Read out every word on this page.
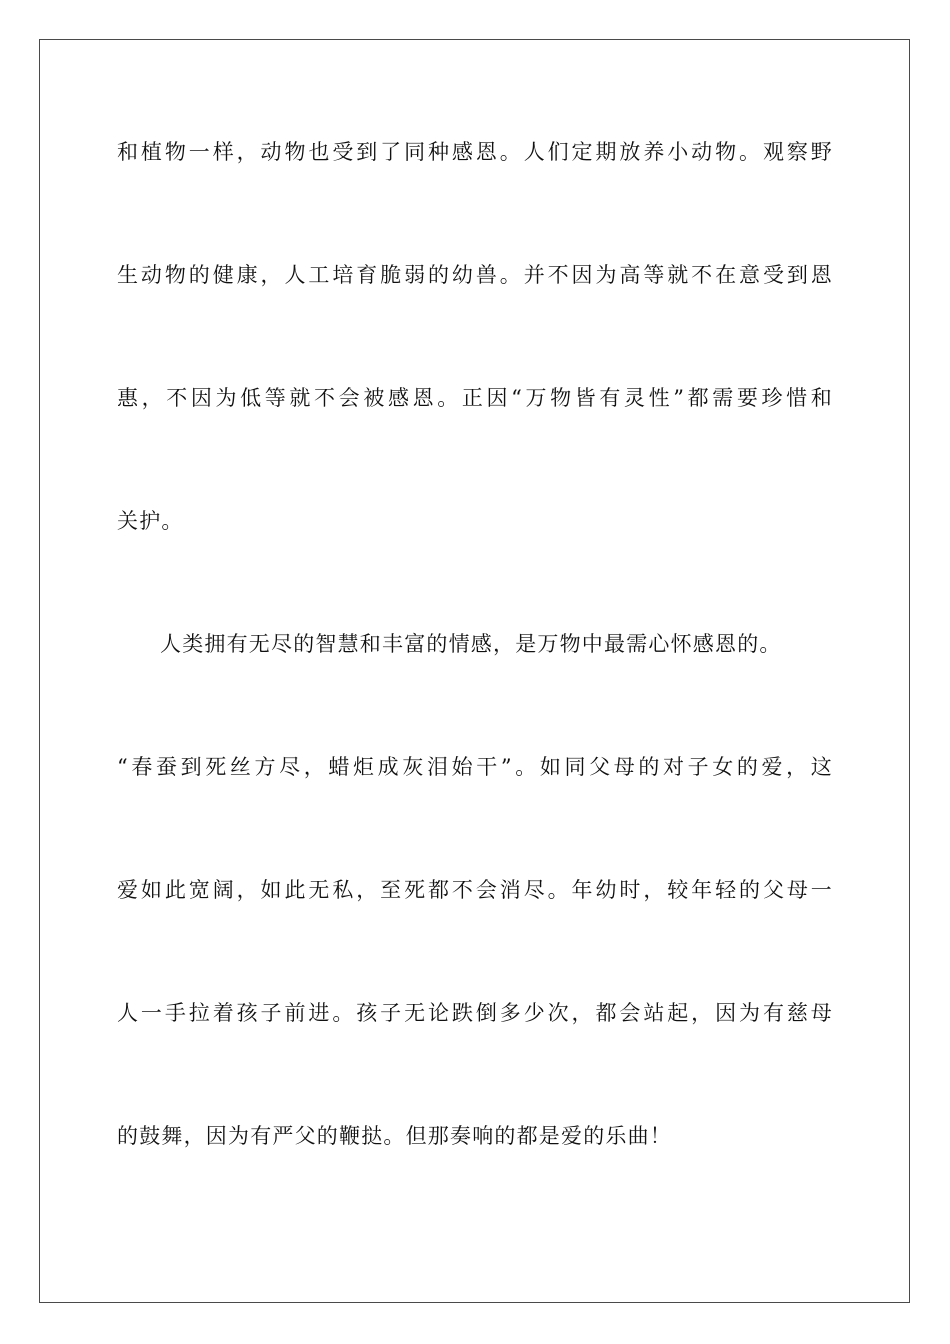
和植物一样，动物也受到了同种感恩。人们定期放养小动物。观察野
生动物的健康，人工培育脆弱的幼兽。并不因为高等就不在意受到恩
惠，不因为低等就不会被感恩。正因“万物皆有灵性”都需要珍惜和
关护。
人类拥有无尽的智慧和丰富的情感，是万物中最需心怀感恩的。
“春蚕到死丝方尽，蜡炬成灰泪始干”。如同父母的对子女的爱，这
爱如此宽阔，如此无私，至死都不会消尽。年幼时，较年轻的父母一
人一手拉着孩子前进。孩子无论跌倒多少次，都会站起，因为有慈母
的鼓舞，因为有严父的鞭挞。但那奏响的都是爱的乐曲！
